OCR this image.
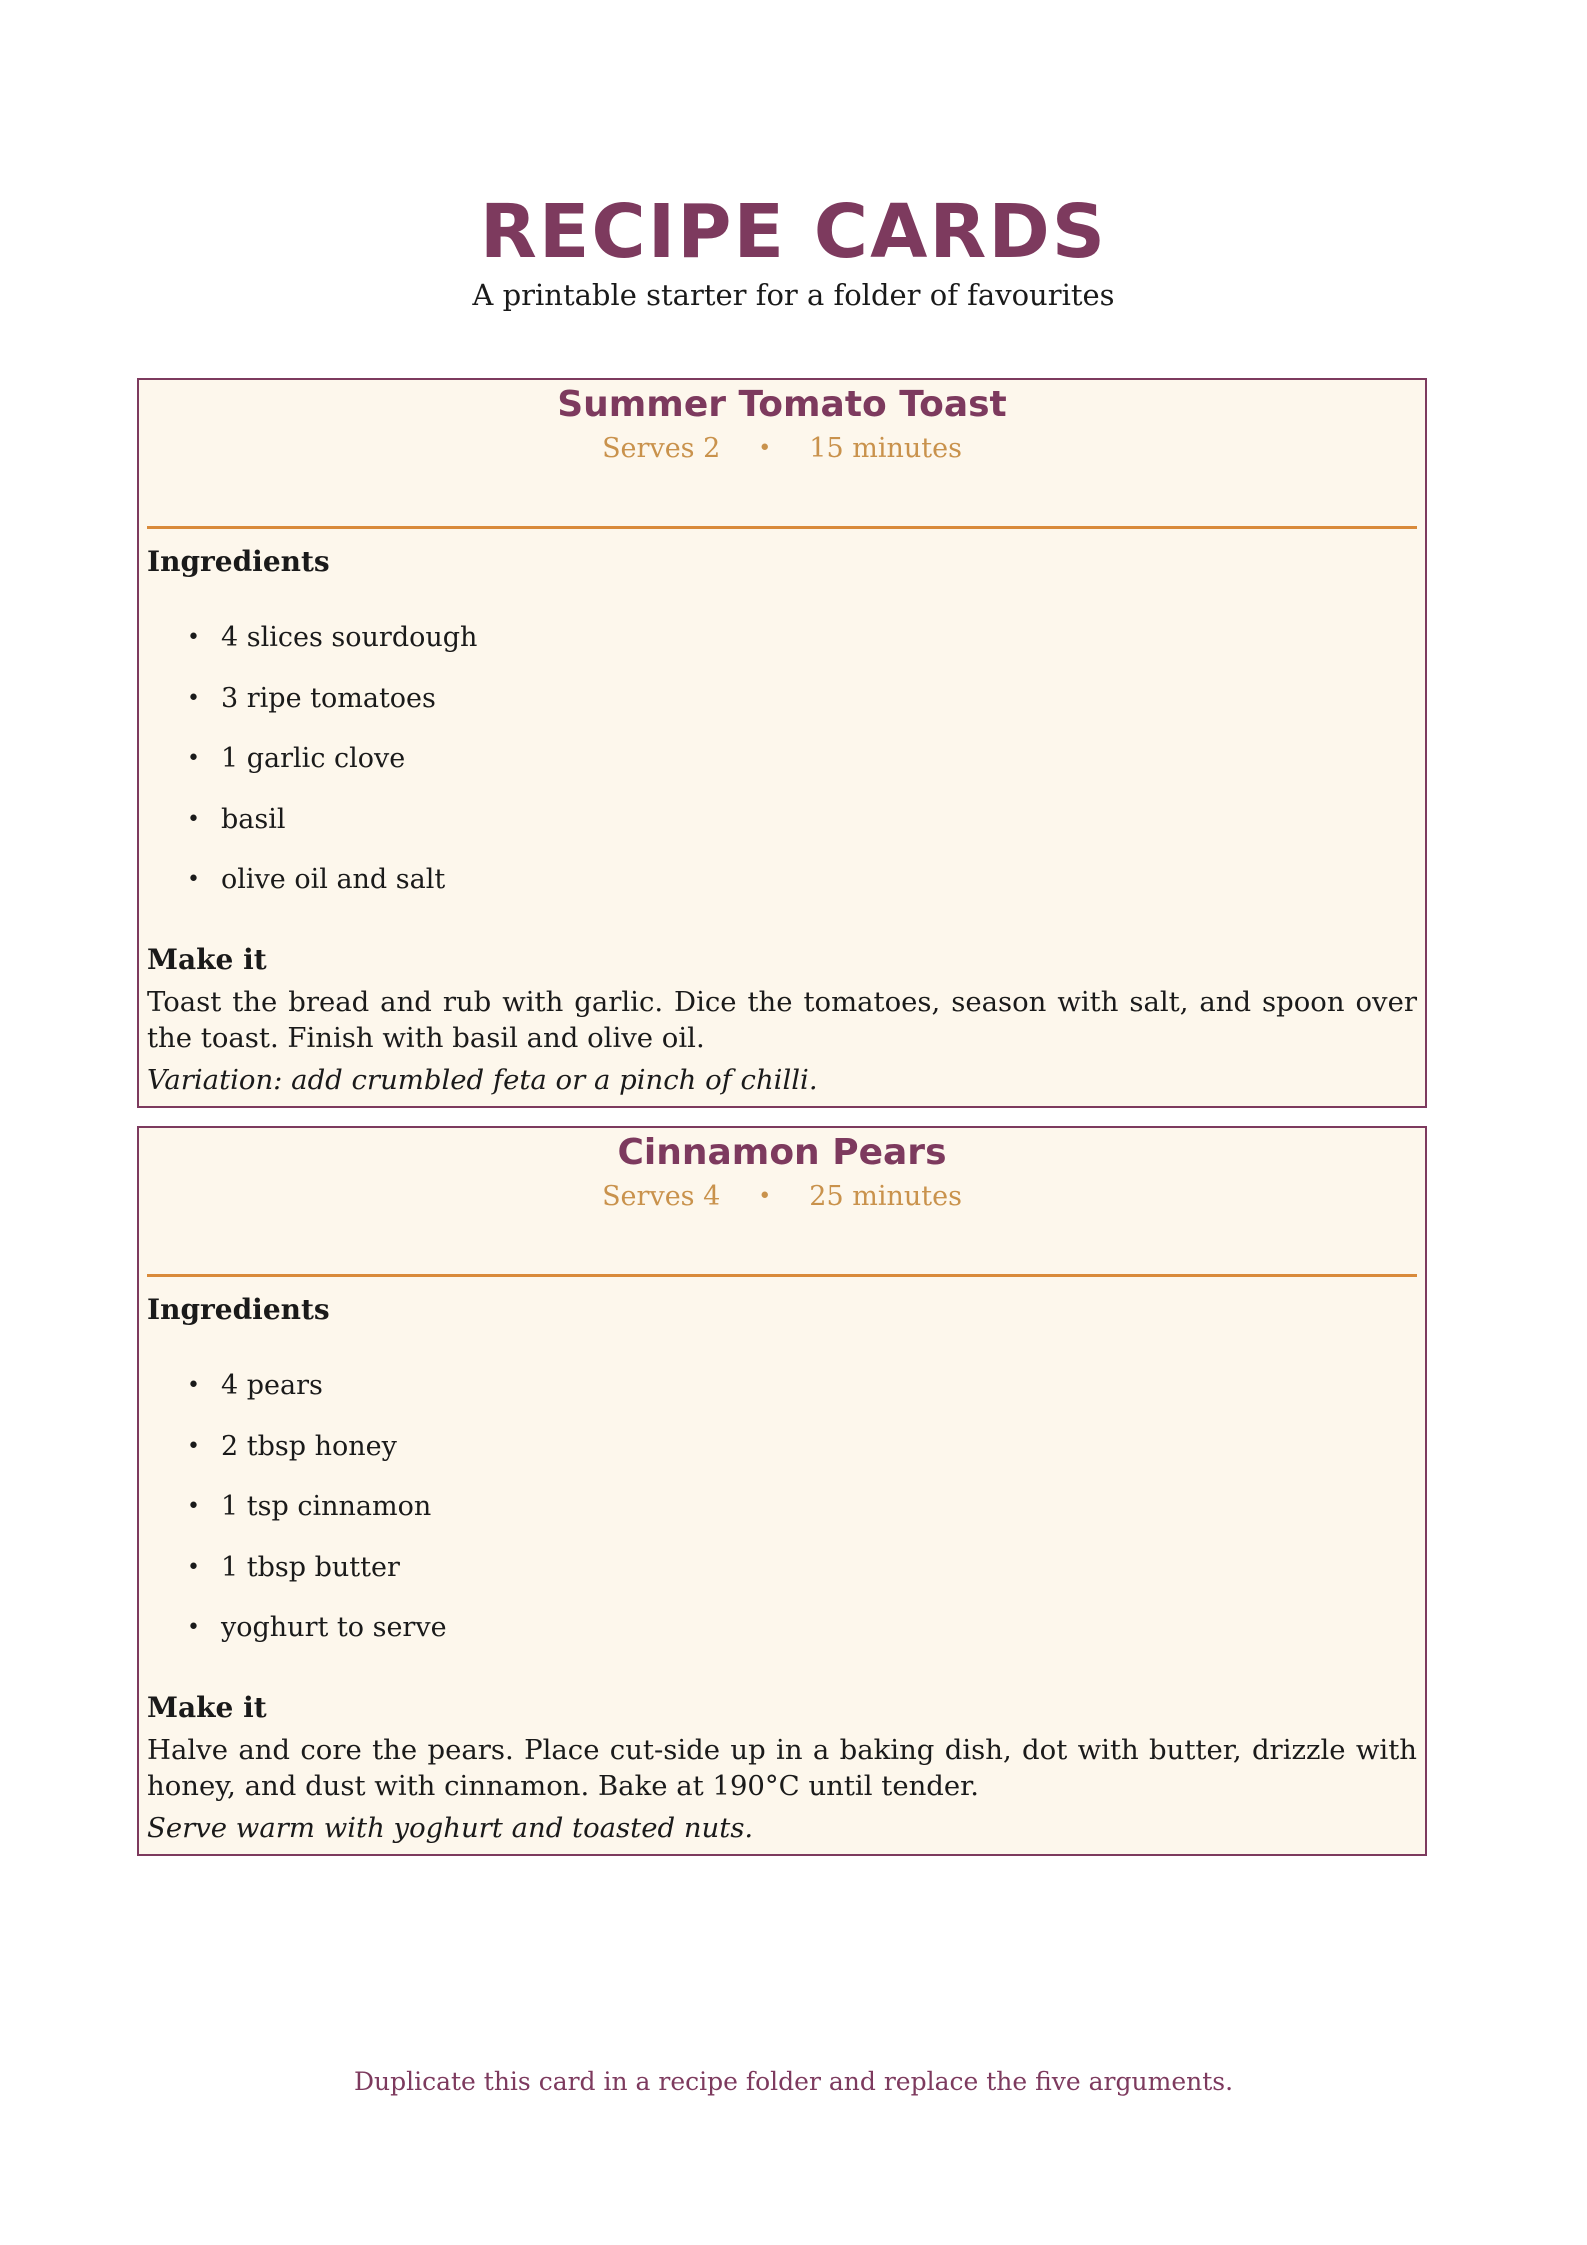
RECIPE CARDS
A printable starter for a folder of favourites
Summer Tomato Toast
Serves 2 • 15 minutes
Ingredients
• 4 slices sourdough
• 3 ripe tomatoes
• 1 garlic clove
• basil
• olive oil and salt
Make it
Toast the bread and rub with garlic. Dice the tomatoes, season with salt, and spoon over the toast. Finish with basil and olive oil.
Variation: add crumbled feta or a pinch of chilli.
Cinnamon Pears
Serves 4 • 25 minutes
Ingredients
• 4 pears
• 2 tbsp honey
• 1 tsp cinnamon
• 1 tbsp butter
• yoghurt to serve
Make it
Halve and core the pears. Place cut-side up in a baking dish, dot with butter, drizzle with honey, and dust with cinnamon. Bake at 190°C until tender.
Serve warm with yoghurt and toasted nuts.
Duplicate this card in a recipe folder and replace the five arguments.
